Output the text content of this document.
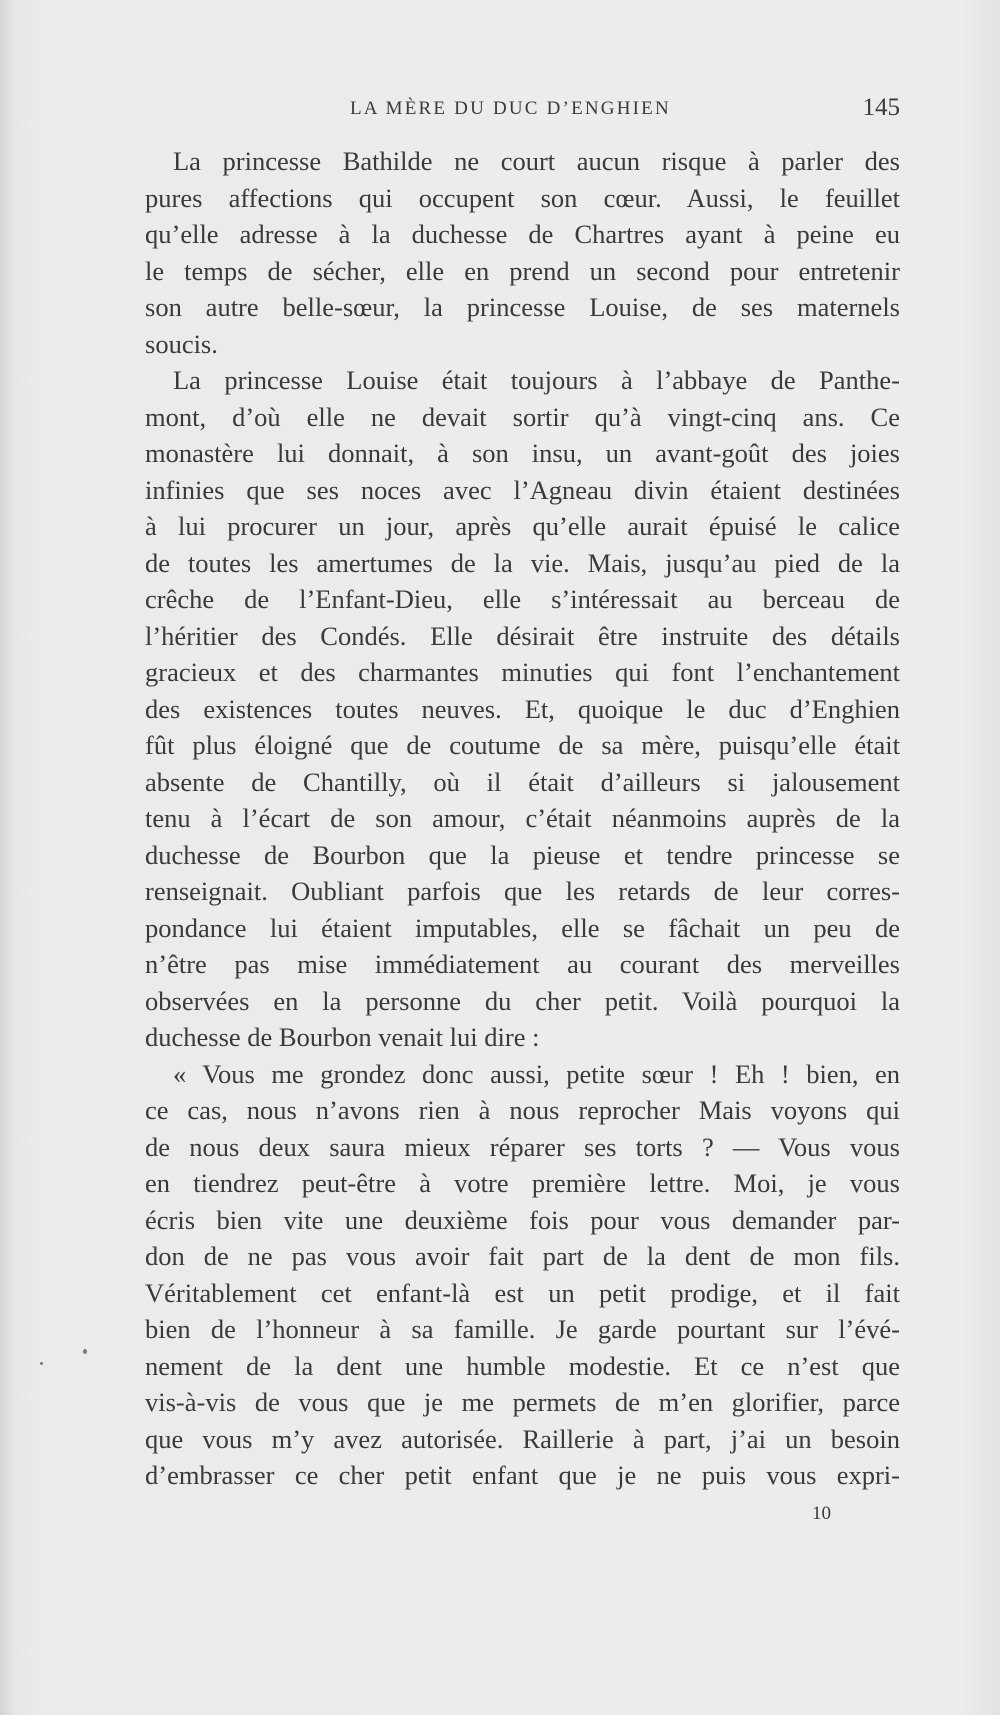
LA MÈRE DU DUC D’ENGHIEN	145
La princesse Bathilde ne court aucun risque à parler des
pures affections qui occupent son cœur. Aussi, le feuillet
qu’elle adresse à la duchesse de Chartres ayant à peine eu
le temps de sécher, elle en prend un second pour entretenir
son autre belle-sœur, la princesse Louise, de ses maternels
soucis.
La princesse Louise était toujours à l’abbaye de Panthe-
mont, d’où elle ne devait sortir qu’à vingt-cinq ans. Ce
monastère lui donnait, à son insu, un avant-goût des joies
infinies que ses noces avec l’Agneau divin étaient destinées
à lui procurer un jour, après qu’elle aurait épuisé le calice
de toutes les amertumes de la vie. Mais, jusqu’au pied de la
crêche de l’Enfant-Dieu, elle s’intéressait au berceau de
l’héritier des Condés. Elle désirait être instruite des détails
gracieux et des charmantes minuties qui font l’enchantement
des existences toutes neuves. Et, quoique le duc d’Enghien
fût plus éloigné que de coutume de sa mère, puisqu’elle était
absente de Chantilly, où il était d’ailleurs si jalousement
tenu à l’écart de son amour, c’était néanmoins auprès de la
duchesse de Bourbon que la pieuse et tendre princesse se
renseignait. Oubliant parfois que les retards de leur corres-
pondance lui étaient imputables, elle se fâchait un peu de
n’être pas mise immédiatement au courant des merveilles
observées en la personne du cher petit. Voilà pourquoi la
duchesse de Bourbon venait lui dire :
« Vous me grondez donc aussi, petite sœur ! Eh ! bien, en
ce cas, nous n’avons rien à nous reprocher Mais voyons qui
de nous deux saura mieux réparer ses torts ? — Vous vous
en tiendrez peut-être à votre première lettre. Moi, je vous
écris bien vite une deuxième fois pour vous demander par-
don de ne pas vous avoir fait part de la dent de mon fils.
Véritablement cet enfant-là est un petit prodige, et il fait
bien de l’honneur à sa famille. Je garde pourtant sur l’évé-
nement de la dent une humble modestie. Et ce n’est que
vis-à-vis de vous que je me permets de m’en glorifier, parce
que vous m’y avez autorisée. Raillerie à part, j’ai un besoin
d’embrasser ce cher petit enfant que je ne puis vous expri-
10
